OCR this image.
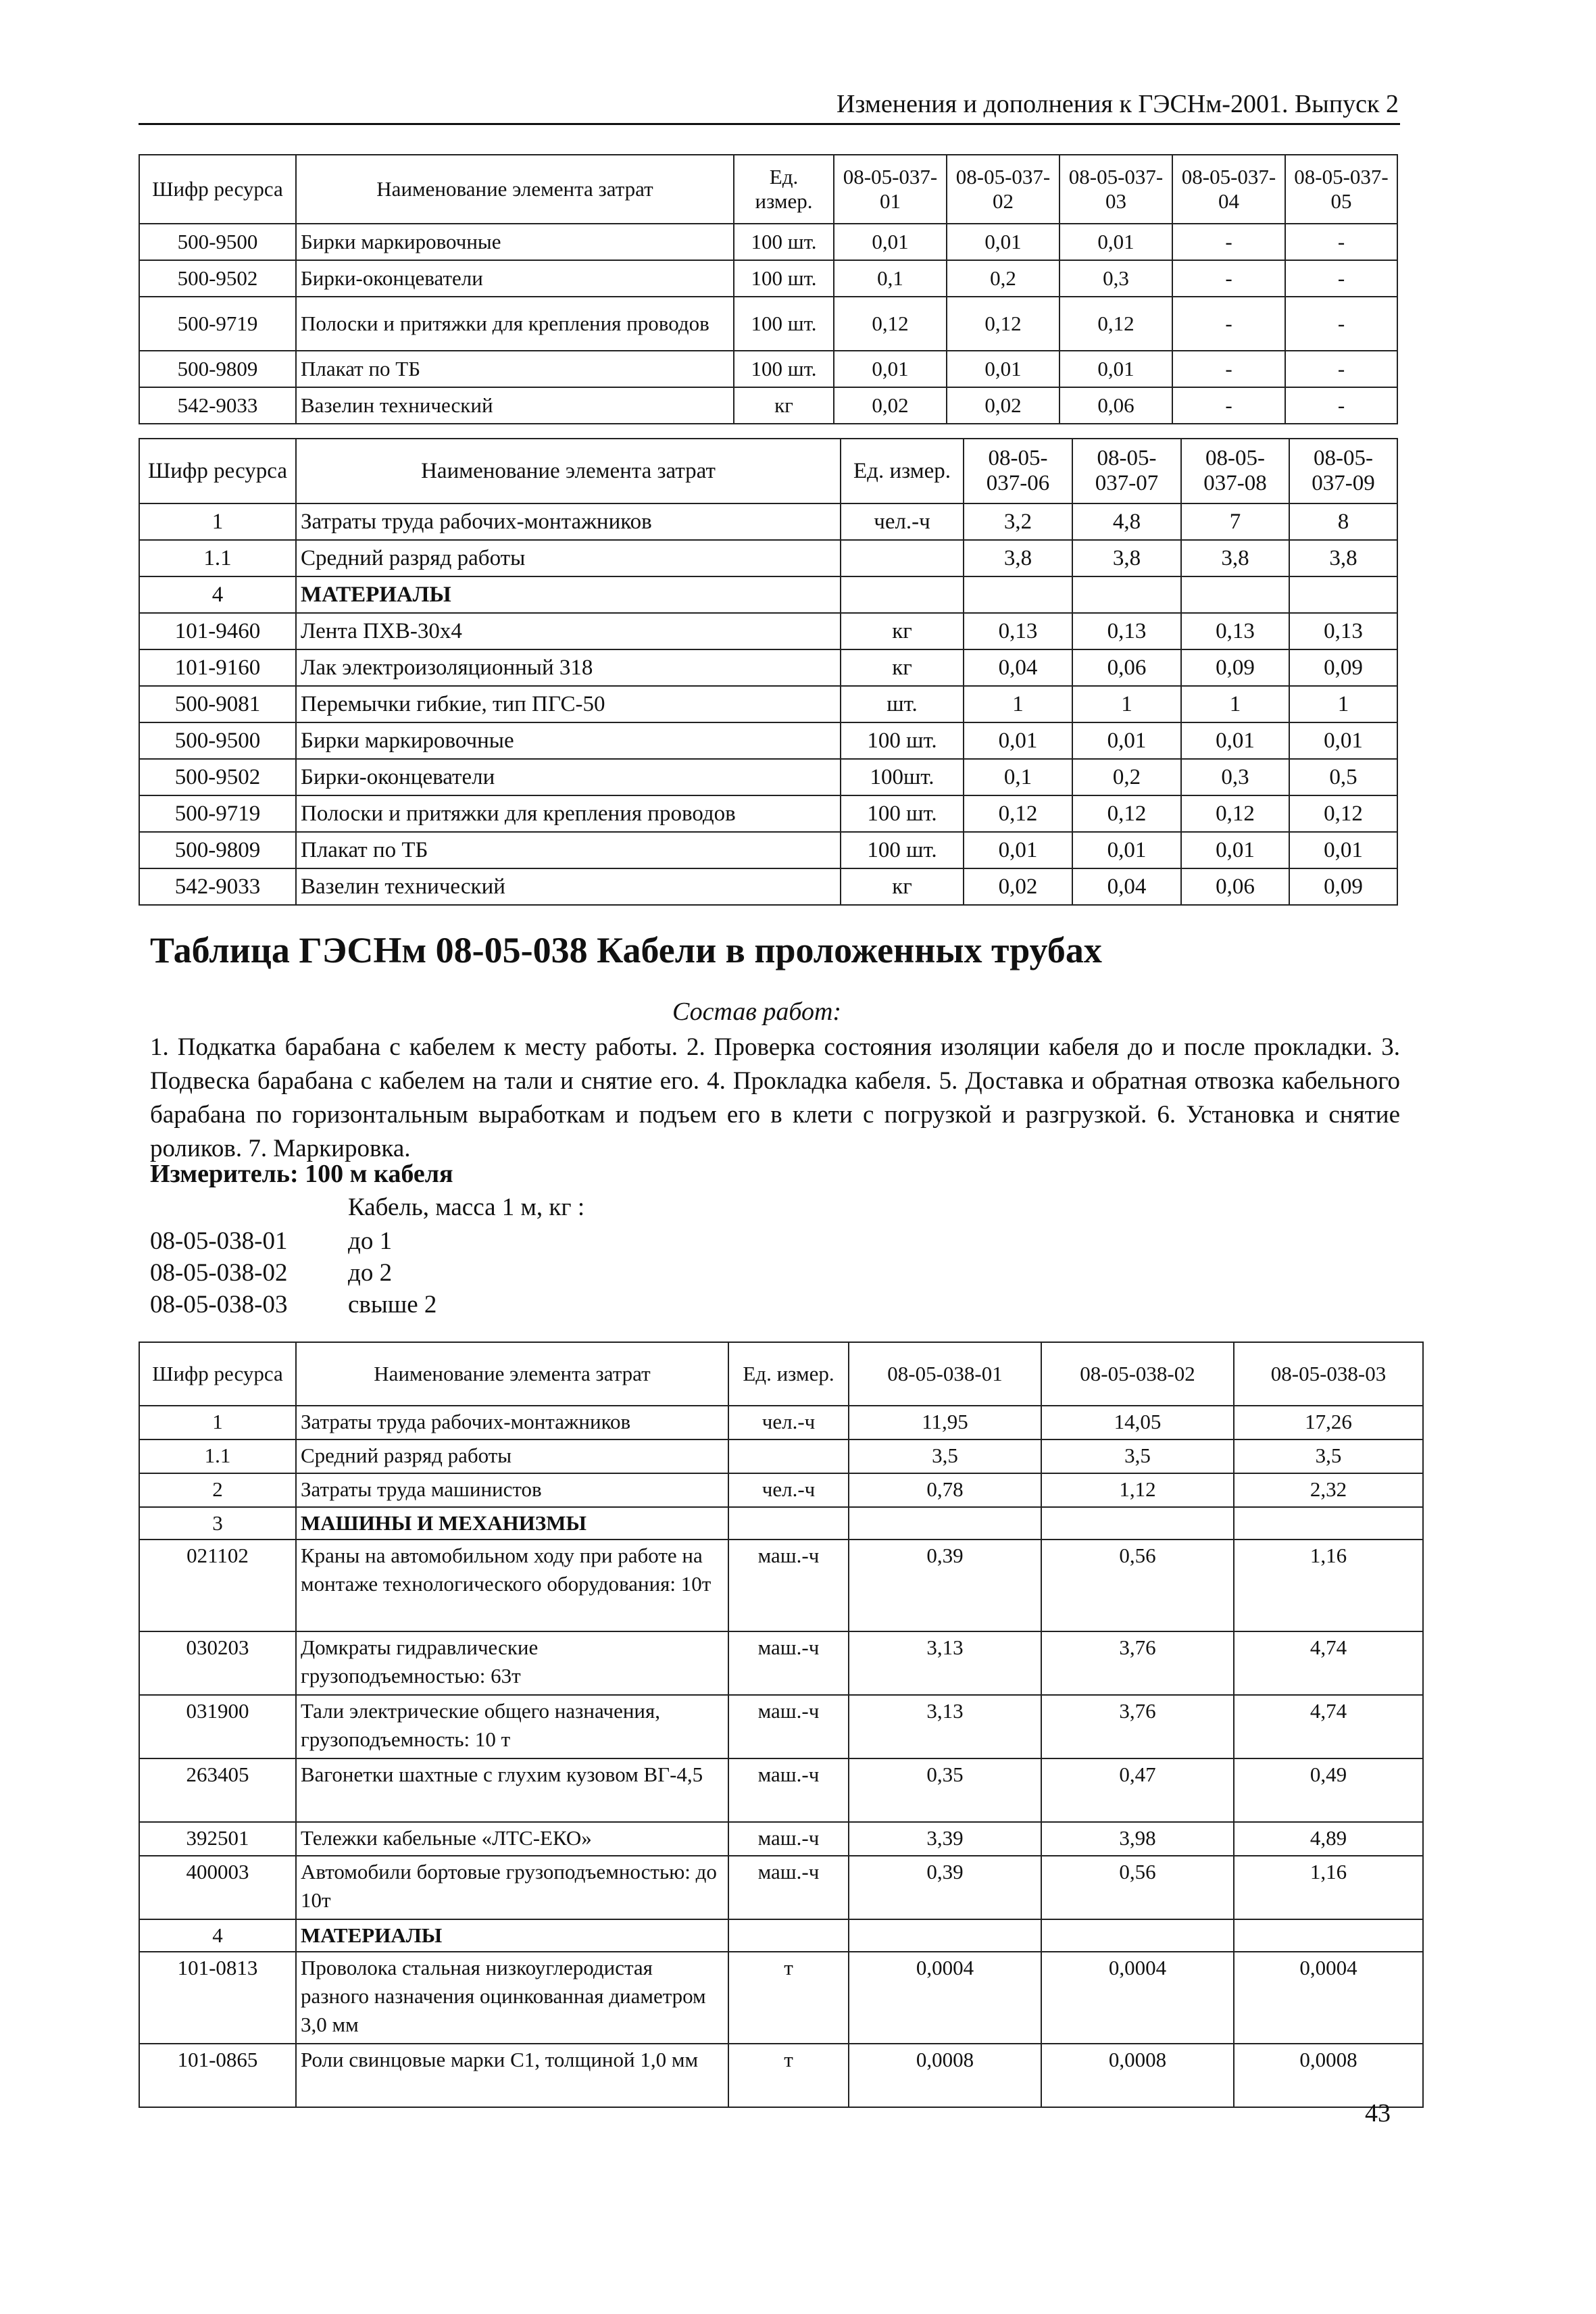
Изменения и дополнения к ГЭСНм-2001. Выпуск 2
Шифр ресурса	Наименование элемента затрат	Ед. измер.	08-05-037-01	08-05-037-02	08-05-037-03	08-05-037-04	08-05-037-05
500-9500	Бирки маркировочные	100 шт.	0,01	0,01	0,01	-	-
500-9502	Бирки-оконцеватели	100 шт.	0,1	0,2	0,3	-	-
500-9719	Полоски и притяжки для крепления проводов	100 шт.	0,12	0,12	0,12	-	-
500-9809	Плакат по ТБ	100 шт.	0,01	0,01	0,01	-	-
542-9033	Вазелин технический	кг	0,02	0,02	0,06	-	-
Шифр ресурса	Наименование элемента затрат	Ед. измер.	08-05-037-06	08-05-037-07	08-05-037-08	08-05-037-09
1	Затраты труда рабочих-монтажников	чел.-ч	3,2	4,8	7	8
1.1	Средний разряд работы		3,8	3,8	3,8	3,8
4	МАТЕРИАЛЫ					
101-9460	Лента ПХВ-30х4	кг	0,13	0,13	0,13	0,13
101-9160	Лак электроизоляционный 318	кг	0,04	0,06	0,09	0,09
500-9081	Перемычки гибкие, тип ПГС-50	шт.	1	1	1	1
500-9500	Бирки маркировочные	100 шт.	0,01	0,01	0,01	0,01
500-9502	Бирки-оконцеватели	100шт.	0,1	0,2	0,3	0,5
500-9719	Полоски и притяжки для крепления проводов	100 шт.	0,12	0,12	0,12	0,12
500-9809	Плакат по ТБ	100 шт.	0,01	0,01	0,01	0,01
542-9033	Вазелин технический	кг	0,02	0,04	0,06	0,09
Таблица ГЭСНм 08-05-038 Кабели в проложенных трубах
Состав работ:
1. Подкатка барабана с кабелем к месту работы. 2. Проверка состояния изоляции кабеля до и после прокладки. 3. Подвеска барабана с кабелем на тали и снятие его. 4. Прокладка кабеля. 5. Доставка и обратная отвозка кабельного барабана по горизонтальным выработкам и подъем его в клети с погрузкой и разгрузкой. 6. Установка и снятие роликов. 7. Маркировка.
Измеритель: 100 м кабеля
Кабель, масса 1 м, кг :
08-05-038-01 до 1
08-05-038-02 до 2
08-05-038-03 свыше 2
Шифр ресурса	Наименование элемента затрат	Ед. измер.	08-05-038-01	08-05-038-02	08-05-038-03
1	Затраты труда рабочих-монтажников	чел.-ч	11,95	14,05	17,26
1.1	Средний разряд работы		3,5	3,5	3,5
2	Затраты труда машинистов	чел.-ч	0,78	1,12	2,32
3	МАШИНЫ И МЕХАНИЗМЫ				
021102	Краны на автомобильном ходу при работе на монтаже технологического оборудования: 10т	маш.-ч	0,39	0,56	1,16
030203	Домкраты гидравлические грузоподъемностью: 63т	маш.-ч	3,13	3,76	4,74
031900	Тали электрические общего назначения, грузоподъемность: 10 т	маш.-ч	3,13	3,76	4,74
263405	Вагонетки шахтные с глухим кузовом ВГ-4,5	маш.-ч	0,35	0,47	0,49
392501	Тележки кабельные «ЛТС-ЕКО»	маш.-ч	3,39	3,98	4,89
400003	Автомобили бортовые грузоподъемностью: до 10т	маш.-ч	0,39	0,56	1,16
4	МАТЕРИАЛЫ				
101-0813	Проволока стальная низкоуглеродистая разного назначения оцинкованная диаметром 3,0 мм	т	0,0004	0,0004	0,0004
101-0865	Роли свинцовые марки С1, толщиной 1,0 мм	т	0,0008	0,0008	0,0008
43
